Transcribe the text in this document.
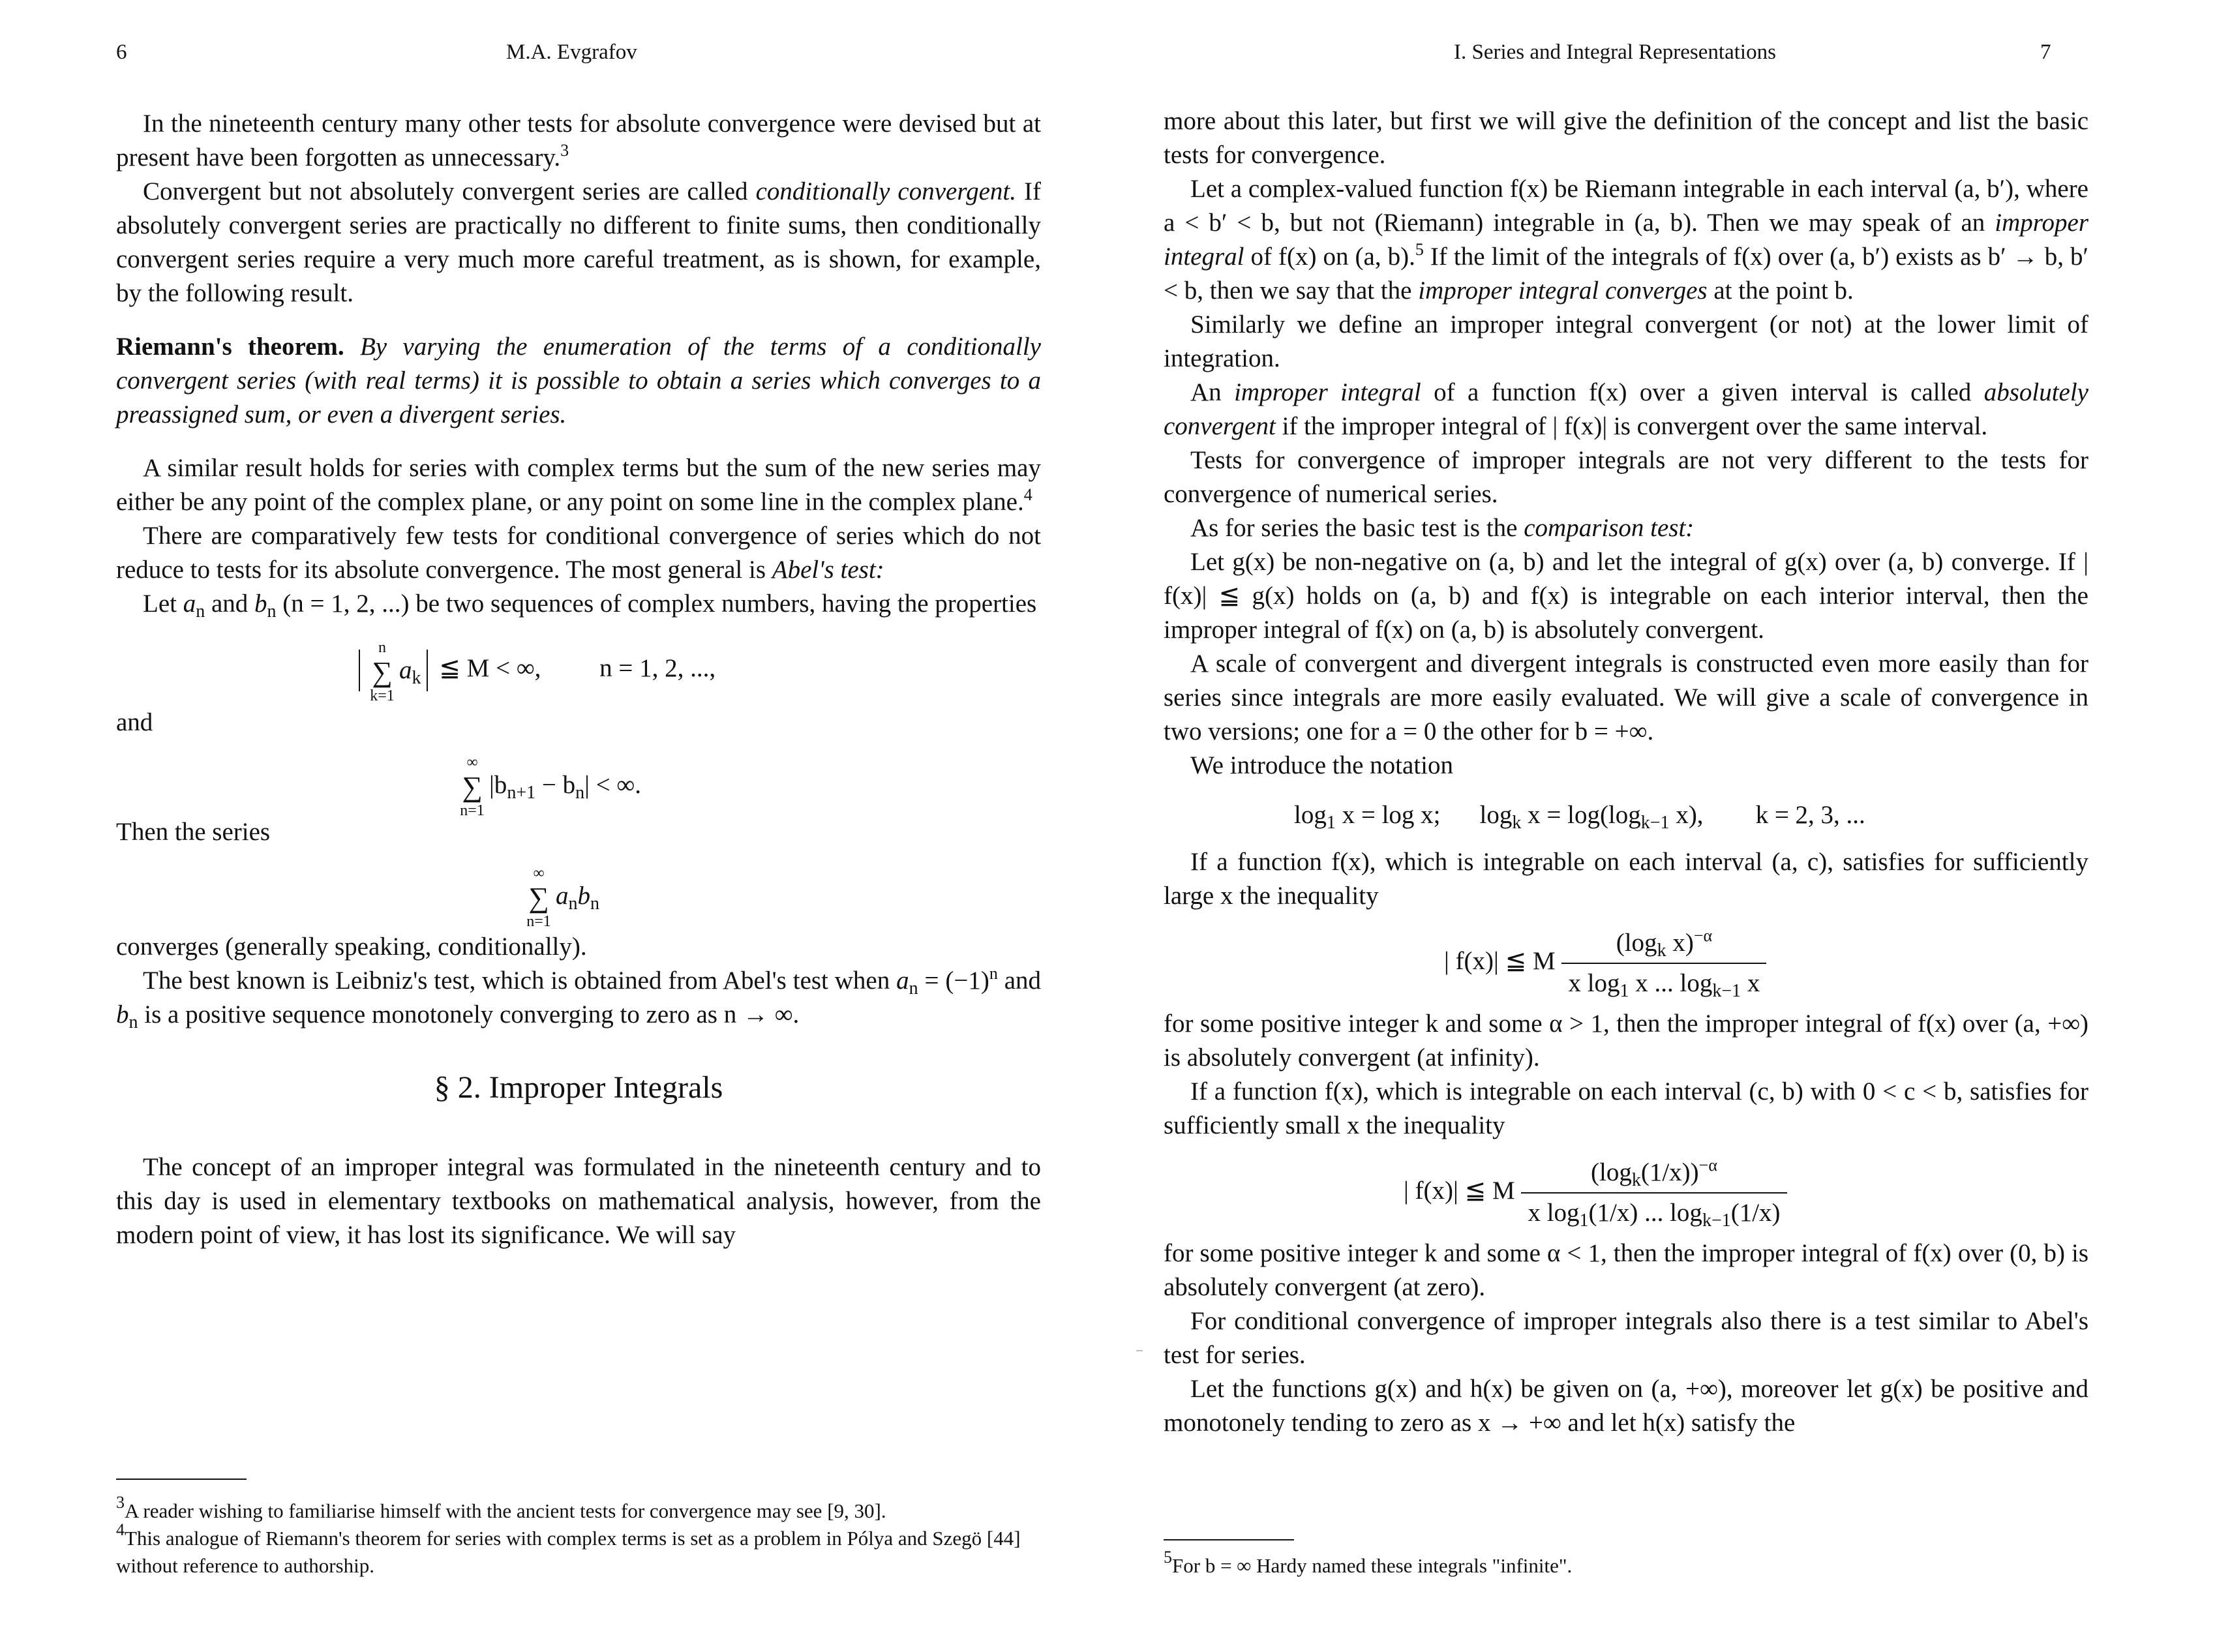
6	M.A. Evgrafov

In the nineteenth century many other tests for absolute convergence were devised but at present have been forgotten as unnecessary.$^3$

Convergent but not absolutely convergent series are called conditionally convergent. If absolutely convergent series are practically no different to finite sums, then conditionally convergent series require a very much more careful treatment, as is shown, for example, by the following result.

Riemann's theorem. By varying the enumeration of the terms of a conditionally convergent series (with real terms) it is possible to obtain a series which converges to a preassigned sum, or even a divergent series.

A similar result holds for series with complex terms but the sum of the new series may either be any point of the complex plane, or any point on some line in the complex plane.$^4$

There are comparatively few tests for conditional convergence of series which do not reduce to tests for its absolute convergence. The most general is Abel's test:

Let $a_n$ and $b_n$ (n = 1, 2, ...) be two sequences of complex numbers, having the properties

n
∑
k=1
$a_k$ ≦ M < ∞, n = 1, 2, ...,

and

∞
∑
n=1
$|b_{n+1} - b_n|$ < ∞.

Then the series

∞
∑
n=1
$a_nb_n$

converges (generally speaking, conditionally).

The best known is Leibniz's test, which is obtained from Abel's test when $a_n = (-1)^n$ and $b_n$ is a positive sequence monotonely converging to zero as n → ∞.

§ 2. Improper Integrals

The concept of an improper integral was formulated in the nineteenth century and to this day is used in elementary textbooks on mathematical analysis, however, from the modern point of view, it has lost its significance. We will say

$^3$A reader wishing to familiarise himself with the ancient tests for convergence may see [9, 30].

$^4$This analogue of Riemann's theorem for series with complex terms is set as a problem in Pólya and Szegö [44] without reference to authorship.

I. Series and Integral Representations	7

more about this later, but first we will give the definition of the concept and list the basic tests for convergence.

Let a complex-valued function f(x) be Riemann integrable in each interval (a, b′), where a < b′ < b, but not (Riemann) integrable in (a, b). Then we may speak of an improper integral of f(x) on (a, b).$^5$ If the limit of the integrals of f(x) over (a, b′) exists as b′ → b, b′ < b, then we say that the improper integral converges at the point b.

Similarly we define an improper integral convergent (or not) at the lower limit of integration.

An improper integral of a function f(x) over a given interval is called absolutely convergent if the improper integral of | f(x)| is convergent over the same interval.

Tests for convergence of improper integrals are not very different to the tests for convergence of numerical series.

As for series the basic test is the comparison test:

Let g(x) be non-negative on (a, b) and let the integral of g(x) over (a, b) converge. If | f(x)| ≦ g(x) holds on (a, b) and f(x) is integrable on each interior interval, then the improper integral of f(x) on (a, b) is absolutely convergent.

A scale of convergent and divergent integrals is constructed even more easily than for series since integrals are more easily evaluated. We will give a scale of convergence in two versions; one for a = 0 the other for b = +∞.

We introduce the notation

$\log_1 x = \log x$; $\log_k x = \log(\log_{k-1}$ x), k = 2, 3, ...

If a function f(x), which is integrable on each interval (a, c), satisfies for sufficiently large x the inequality

| f(x)| ≦ M $\frac{(\log_k x)^{-\alpha}}{x \log_1 x ... \log_{k-1} x}$

for some positive integer k and some α > 1, then the improper integral of f(x) over (a, +∞) is absolutely convergent (at infinity).

If a function f(x), which is integrable on each interval (c, b) with 0 < c < b, satisfies for sufficiently small x the inequality

| f(x)| ≦ M $\frac{(\log_k(1/x))^{-\alpha}}{x \log_1(1/x) ... \log_{k-1}(1/x)}$

for some positive integer k and some α < 1, then the improper integral of f(x) over (0, b) is absolutely convergent (at zero).

For conditional convergence of improper integrals also there is a test similar to Abel's test for series.

Let the functions g(x) and h(x) be given on (a, +∞), moreover let g(x) be positive and monotonely tending to zero as x → +∞ and let h(x) satisfy the

$^5$For b = ∞ Hardy named these integrals "infinite".
